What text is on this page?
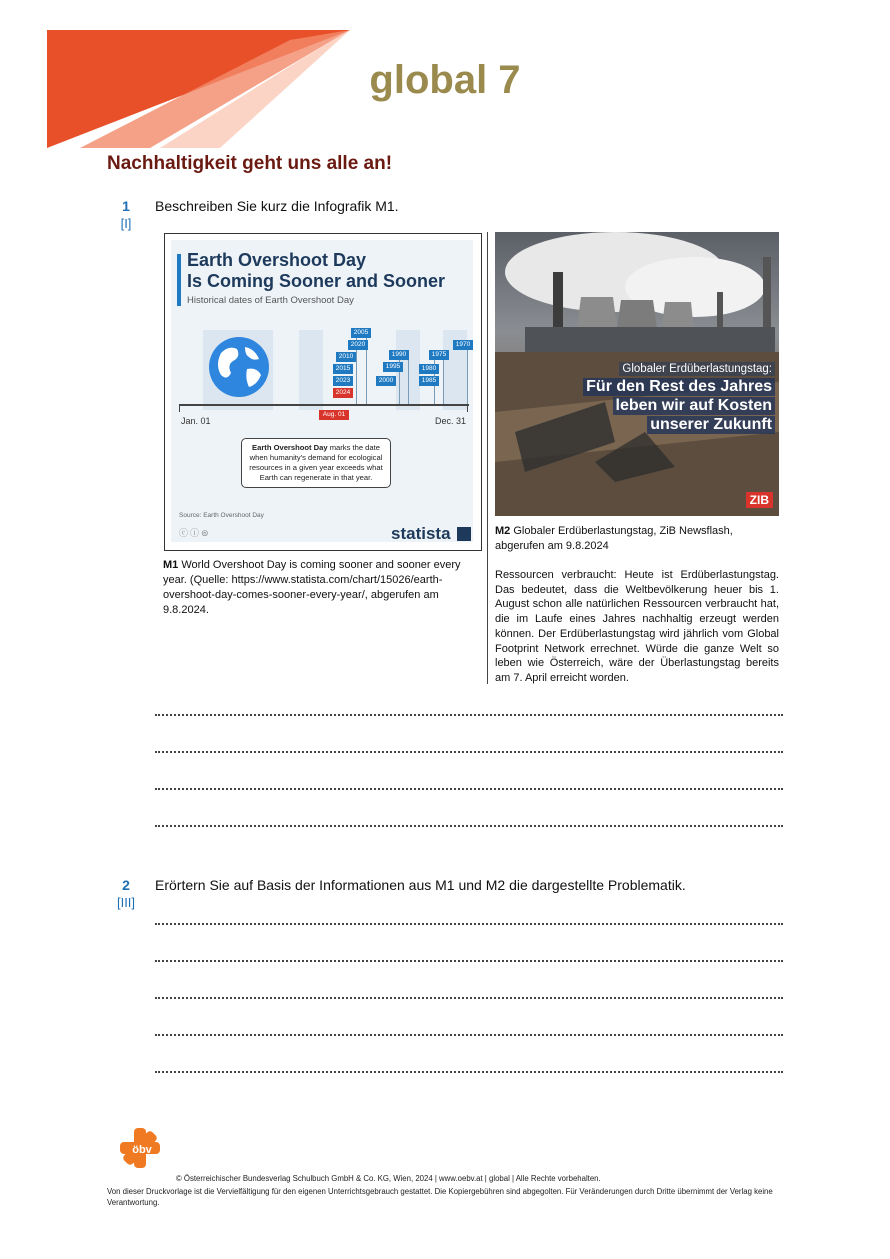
global 7
Nachhaltigkeit geht uns alle an!
1
[I]
Beschreiben Sie kurz die Infografik M1.
Earth Overshoot Day
Is Coming Sooner and Sooner
Historical dates of Earth Overshoot Day
2005
2020
2010
2015
2023
2024
1990
1995
2000
1975
1980
1985
1970
Aug. 01
Jan. 01	Dec. 31
Earth Overshoot Day marks the date when humanity's demand for ecological resources in a given year exceeds what Earth can regenerate in that year.
Source: Earth Overshoot Day
ⓒⓘ⊜	statista
M1 World Overshoot Day is coming sooner and sooner every year. (Quelle: https://www.statista.com/chart/15026/earth-overshoot-day-comes-sooner-every-year/, abgerufen am 9.8.2024.
Globaler Erdüberlastungstag:
Für den Rest des Jahres
leben wir auf Kosten
unserer Zukunft
ZIB
M2 Globaler Erdüberlastungstag, ZiB Newsflash, abgerufen am 9.8.2024
Ressourcen verbraucht: Heute ist Erdüberlastungstag. Das bedeutet, dass die Weltbevölkerung heuer bis 1. August schon alle natürlichen Ressourcen verbraucht hat, die im Laufe eines Jahres nachhaltig erzeugt werden können. Der Erdüberlastungstag wird jährlich vom Global Footprint Network errechnet. Würde die ganze Welt so leben wie Österreich, wäre der Überlastungstag bereits am 7. April erreicht worden.
2
[III]
Erörtern Sie auf Basis der Informationen aus M1 und M2 die dargestellte Problematik.
öbv
© Österreichischer Bundesverlag Schulbuch GmbH & Co. KG, Wien, 2024 | www.oebv.at | global | Alle Rechte vorbehalten.
Von dieser Druckvorlage ist die Vervielfältigung für den eigenen Unterrichtsgebrauch gestattet. Die Kopiergebühren sind abgegolten. Für Veränderungen durch Dritte übernimmt der Verlag keine Verantwortung.
